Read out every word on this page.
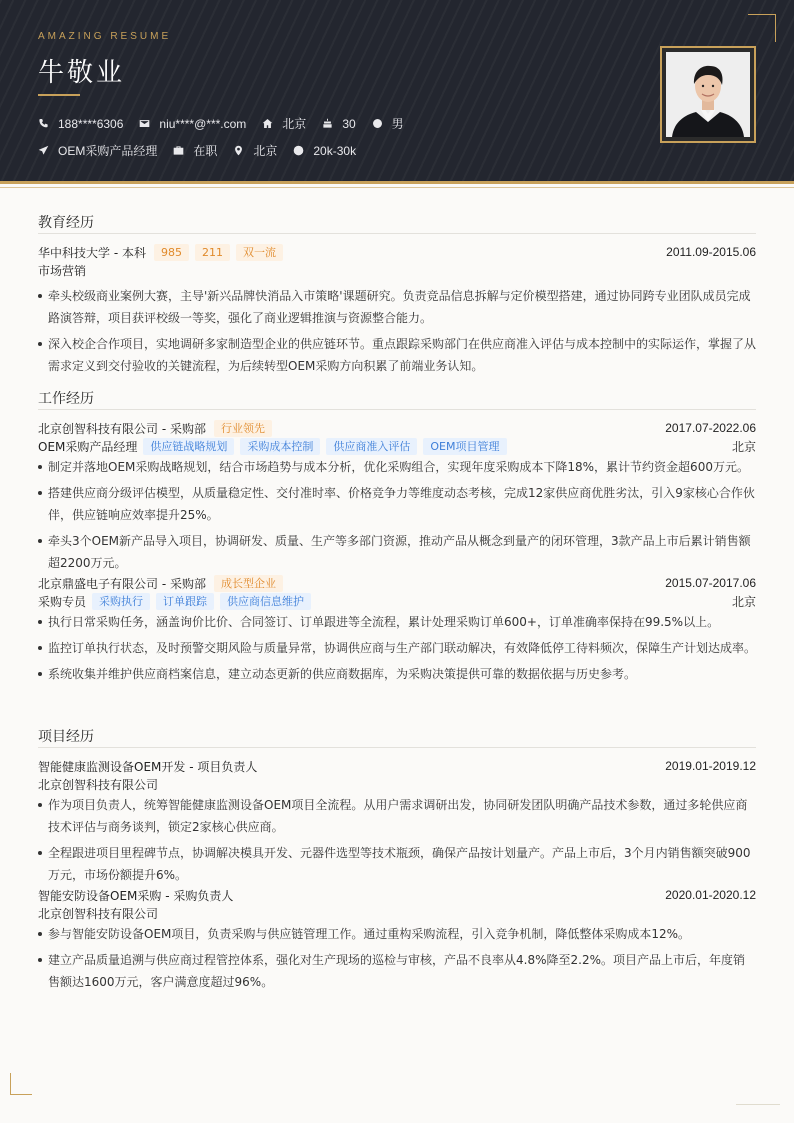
AMAZING RESUME
牛敬业
188****6306	niu****@***.com	北京	30	男
OEM采购产品经理	在职	北京	20k-30k
教育经历
华中科技大学 - 本科	985	211	双一流	2011.09-2015.06
市场营销
牵头校级商业案例大赛，主导'新兴品牌快消品入市策略'课题研究。负责竞品信息拆解与定价模型搭建，通过协同跨专业团队成员完成路演答辩，项目获评校级一等奖，强化了商业逻辑推演与资源整合能力。
深入校企合作项目，实地调研多家制造型企业的供应链环节。重点跟踪采购部门在供应商准入评估与成本控制中的实际运作，掌握了从需求定义到交付验收的关键流程，为后续转型OEM采购方向积累了前端业务认知。
工作经历
北京创智科技有限公司 - 采购部	行业领先	2017.07-2022.06
OEM采购产品经理	供应链战略规划	采购成本控制	供应商准入评估	OEM项目管理	北京
制定并落地OEM采购战略规划，结合市场趋势与成本分析，优化采购组合，实现年度采购成本下降18%，累计节约资金超600万元。
搭建供应商分级评估模型，从质量稳定性、交付准时率、价格竞争力等维度动态考核，完成12家供应商优胜劣汰，引入9家核心合作伙伴，供应链响应效率提升25%。
牵头3个OEM新产品导入项目，协调研发、质量、生产等多部门资源，推动产品从概念到量产的闭环管理，3款产品上市后累计销售额超2200万元。
北京鼎盛电子有限公司 - 采购部	成长型企业	2015.07-2017.06
采购专员	采购执行	订单跟踪	供应商信息维护	北京
执行日常采购任务，涵盖询价比价、合同签订、订单跟进等全流程，累计处理采购订单600+，订单准确率保持在99.5%以上。
监控订单执行状态，及时预警交期风险与质量异常，协调供应商与生产部门联动解决，有效降低停工待料频次，保障生产计划达成率。
系统收集并维护供应商档案信息，建立动态更新的供应商数据库，为采购决策提供可靠的数据依据与历史参考。
项目经历
智能健康监测设备OEM开发 - 项目负责人	2019.01-2019.12
北京创智科技有限公司
作为项目负责人，统筹智能健康监测设备OEM项目全流程。从用户需求调研出发，协同研发团队明确产品技术参数，通过多轮供应商技术评估与商务谈判，锁定2家核心供应商。
全程跟进项目里程碑节点，协调解决模具开发、元器件选型等技术瓶颈，确保产品按计划量产。产品上市后，3个月内销售额突破900万元，市场份额提升6%。
智能安防设备OEM采购 - 采购负责人	2020.01-2020.12
北京创智科技有限公司
参与智能安防设备OEM项目，负责采购与供应链管理工作。通过重构采购流程，引入竞争机制，降低整体采购成本12%。
建立产品质量追溯与供应商过程管控体系，强化对生产现场的巡检与审核，产品不良率从4.8%降至2.2%。项目产品上市后，年度销售额达1600万元，客户满意度超过96%。
